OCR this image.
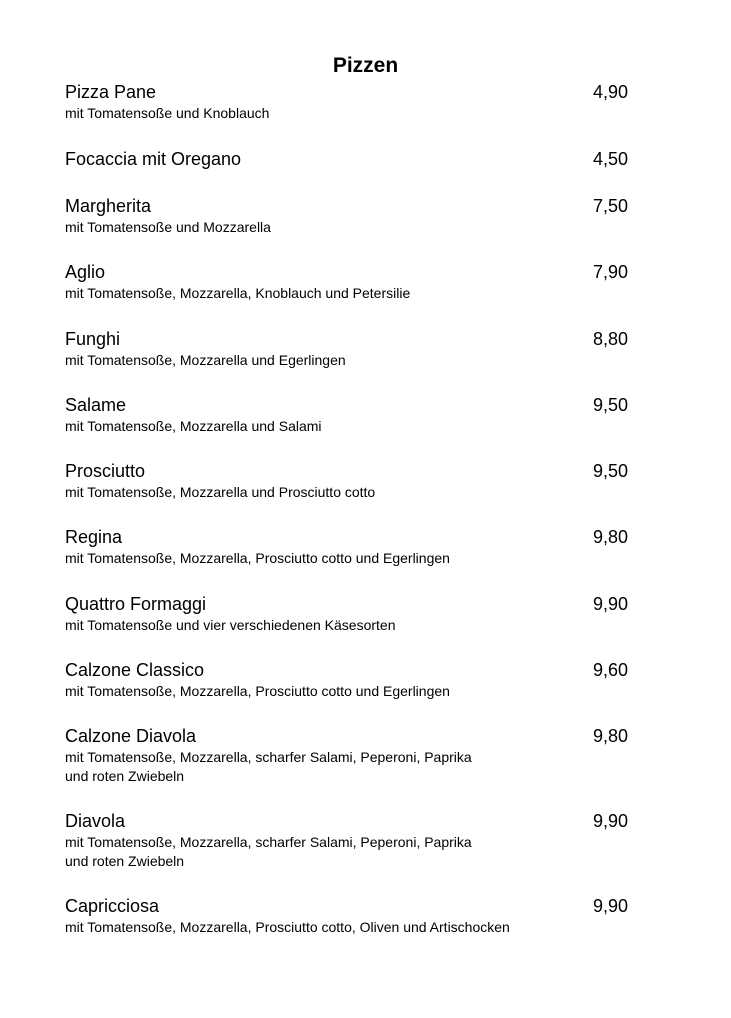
Pizzen
Pizza Pane	4,90

mit Tomatensoße und Knoblauch

Focaccia mit Oregano	4,50

Margherita	7,50

mit Tomatensoße und Mozzarella

Aglio	7,90

mit Tomatensoße, Mozzarella, Knoblauch und Petersilie

Funghi	8,80

mit Tomatensoße, Mozzarella und Egerlingen

Salame	9,50

mit Tomatensoße, Mozzarella und Salami

Prosciutto	9,50

mit Tomatensoße, Mozzarella und Prosciutto cotto

Regina	9,80

mit Tomatensoße, Mozzarella, Prosciutto cotto und Egerlingen

Quattro Formaggi	9,90

mit Tomatensoße und vier verschiedenen Käsesorten

Calzone Classico	9,60

mit Tomatensoße, Mozzarella, Prosciutto cotto und Egerlingen

Calzone Diavola	9,80

mit Tomatensoße, Mozzarella, scharfer Salami, Peperoni, Paprika
und roten Zwiebeln

Diavola	9,90

mit Tomatensoße, Mozzarella, scharfer Salami, Peperoni, Paprika
und roten Zwiebeln

Capricciosa	9,90

mit Tomatensoße, Mozzarella, Prosciutto cotto, Oliven und Artischocken
